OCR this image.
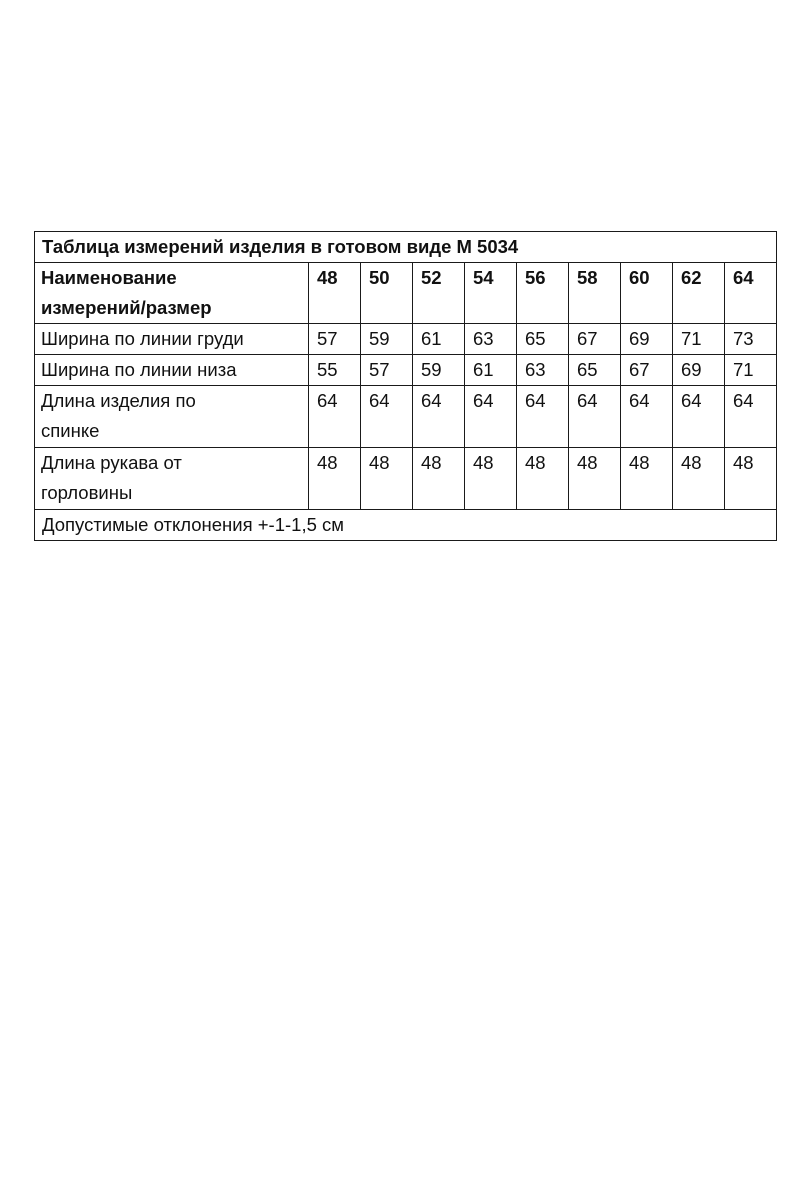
Таблица измерений изделия в готовом виде М 5034									

Наименование
измерений/размер	48	50	52	54	56	58	60	62	64

Ширина по линии груди	57	59	61	63	65	67	69	71	73

Ширина по линии низа	55	57	59	61	63	65	67	69	71

Длина изделия по
спинке	64	64	64	64	64	64	64	64	64

Длина рукава от
горловины	48	48	48	48	48	48	48	48	48
Допустимые отклонения +-1-1,5 см									
